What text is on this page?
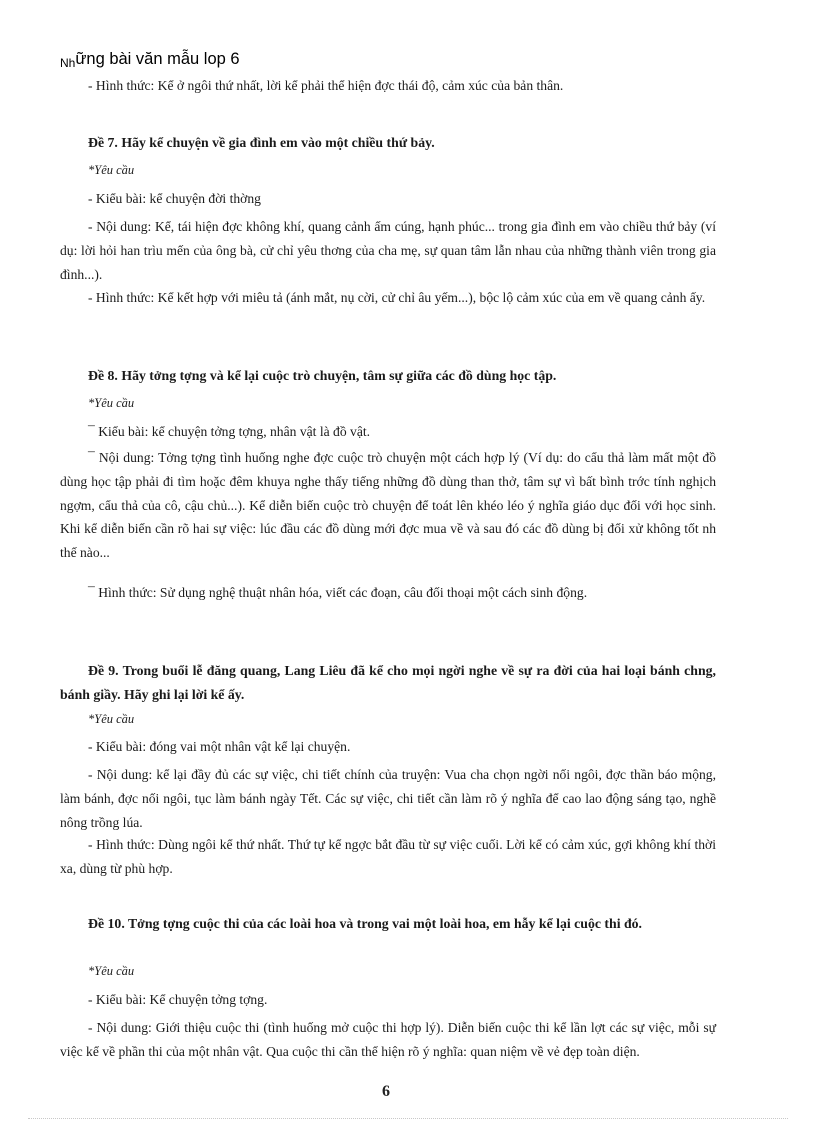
Những bài văn mẫu lop 6

- Hình thức: Kể ở ngôi thứ nhất, lời kể phải thể hiện đợc thái độ, cảm xúc của bản thân.

Đề 7. Hãy kể chuyện về gia đình em vào một chiều thứ bảy.

*Yêu cầu

- Kiểu bài: kể chuyện đời thờng

- Nội dung: Kể, tái hiện đợc không khí, quang cảnh ấm cúng, hạnh phúc... trong gia đình em vào chiều thứ bảy (ví dụ: lời hỏi han trìu mến của ông bà, cử chỉ yêu thơng của cha mẹ, sự quan tâm lẫn nhau của những thành viên trong gia đình...).

- Hình thức: Kể kết hợp với miêu tả (ánh mắt, nụ cời, cử chỉ âu yếm...), bộc lộ cảm xúc của em về quang cảnh ấy.

Đề 8. Hãy tởng tợng và kể lại cuộc trò chuyện, tâm sự giữa các đồ dùng học tập.

*Yêu cầu

¯ Kiểu bài: kể chuyện tởng tợng, nhân vật là đồ vật.

¯ Nội dung: Tởng tợng tình huống nghe đợc cuộc trò chuyện một cách hợp lý (Ví dụ: do cẩu thả làm mất một đồ dùng học tập phải đi tìm hoặc đêm khuya nghe thấy tiếng những đồ dùng than thở, tâm sự vì bất bình trớc tính nghịch ngợm, cẩu thả của cô, cậu chủ...). Kể diễn biến cuộc trò chuyện để toát lên khéo léo ý nghĩa giáo dục đối với học sinh. Khi kể diễn biến cần rõ hai sự việc: lúc đầu các đồ dùng mới đợc mua về và sau đó các đồ dùng bị đối xử không tốt nh thế nào...

¯ Hình thức: Sử dụng nghệ thuật nhân hóa, viết các đoạn, câu đối thoại một cách sinh động.

Đề 9. Trong buổi lễ đăng quang, Lang Liêu đã kể cho mọi ngời nghe về sự ra đời của hai loại bánh chng, bánh giầy. Hãy ghi lại lời kể ấy.

*Yêu cầu

- Kiểu bài: đóng vai một nhân vật kể lại chuyện.

- Nội dung: kể lại đầy đủ các sự việc, chi tiết chính của truyện: Vua cha chọn ngời nối ngôi, đợc thần báo mộng, làm bánh, đợc nối ngôi, tục làm bánh ngày Tết. Các sự việc, chi tiết cần làm rõ ý nghĩa để cao lao động sáng tạo, nghề nông trồng lúa.

- Hình thức: Dùng ngôi kể thứ nhất. Thứ tự kể ngợc bắt đầu từ sự việc cuối. Lời kể có cảm xúc, gợi không khí thời xa, dùng từ phù hợp.

Đề 10. Tởng tợng cuộc thi của các loài hoa và trong vai một loài hoa, em hẫy kể lại cuộc thi đó.

*Yêu cầu

- Kiểu bài: Kể chuyện tởng tợng.

- Nội dung: Giới thiệu cuộc thi (tình huống mở cuộc thi hợp lý). Diễn biến cuộc thi kể lần lợt các sự việc, mỗi sự việc kể về phần thi của một nhân vật. Qua cuộc thi cần thể hiện rõ ý nghĩa: quan niệm về vẻ đẹp toàn diện.

6
